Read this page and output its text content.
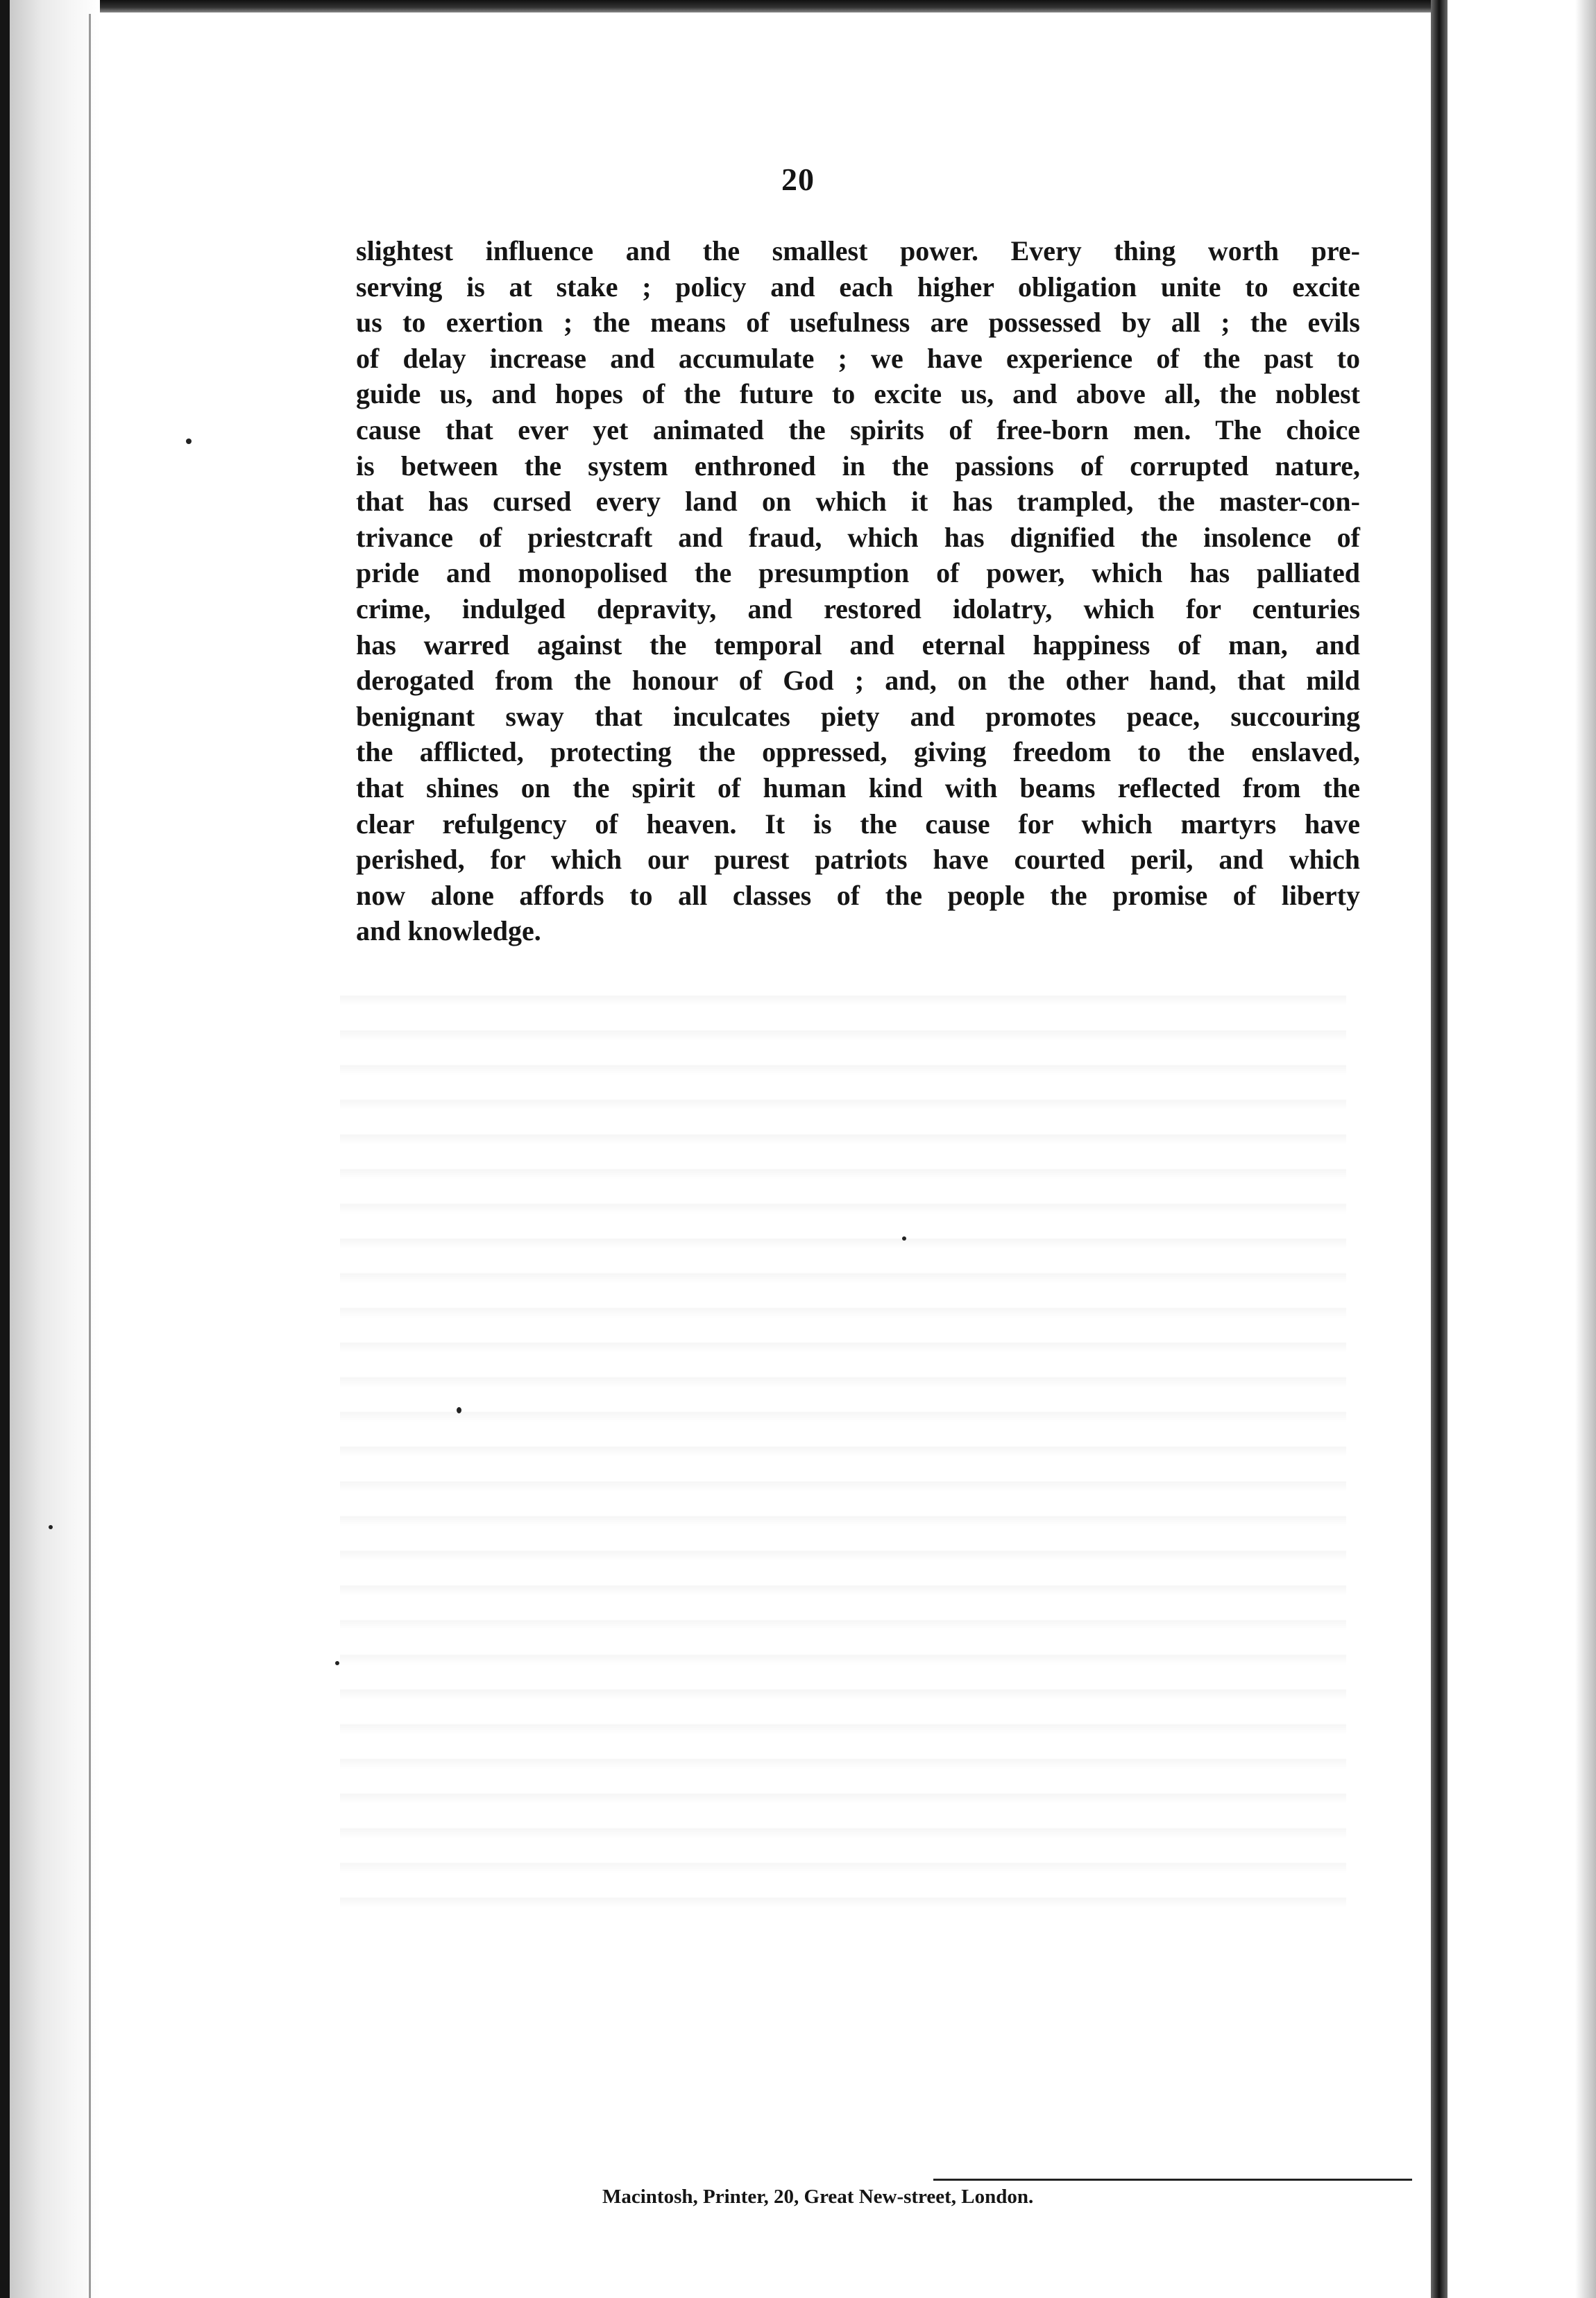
20
slightest influence and the smallest power. Every thing worth pre-
serving is at stake ; policy and each higher obligation unite to excite
us to exertion ; the means of usefulness are possessed by all ; the evils
of delay increase and accumulate ; we have experience of the past to
guide us, and hopes of the future to excite us, and above all, the noblest
cause that ever yet animated the spirits of free-born men. The choice
is between the system enthroned in the passions of corrupted nature,
that has cursed every land on which it has trampled, the master-con-
trivance of priestcraft and fraud, which has dignified the insolence of
pride and monopolised the presumption of power, which has palliated
crime, indulged depravity, and restored idolatry, which for centuries
has warred against the temporal and eternal happiness of man, and
derogated from the honour of God ; and, on the other hand, that mild
benignant sway that inculcates piety and promotes peace, succouring
the afflicted, protecting the oppressed, giving freedom to the enslaved,
that shines on the spirit of human kind with beams reflected from the
clear refulgency of heaven. It is the cause for which martyrs have
perished, for which our purest patriots have courted peril, and which
now alone affords to all classes of the people the promise of liberty
and knowledge.
Macintosh, Printer, 20, Great New-street, London.
